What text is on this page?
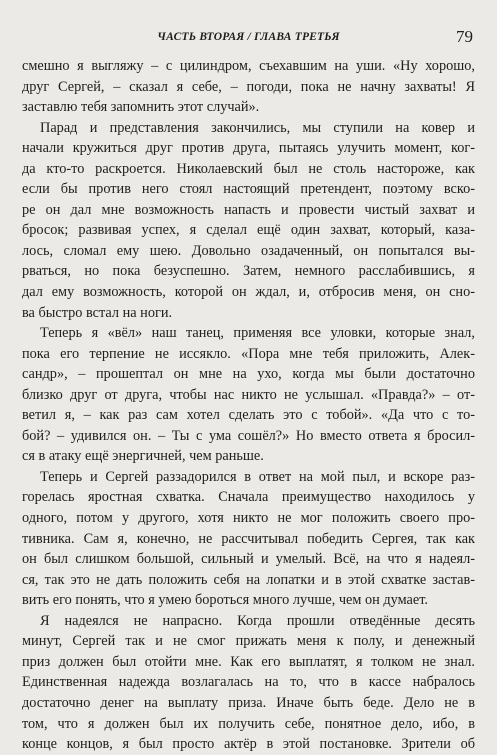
ЧАСТЬ ВТОРАЯ / ГЛАВА ТРЕТЬЯ	79
смешно я выгляжу – с цилиндром, съехавшим на уши. «Ну хорошо,
друг Сергей, – сказал я себе, – погоди, пока не начну захваты! Я
заставлю тебя запомнить этот случай».
Парад и представления закончились, мы ступили на ковер и
начали кружиться друг против друга, пытаясь улучить момент, ког-
да кто-то раскроется. Николаевский был не столь настороже, как
если бы против него стоял настоящий претендент, поэтому вско-
ре он дал мне возможность напасть и провести чистый захват и
бросок; развивая успех, я сделал ещё один захват, который, каза-
лось, сломал ему шею. Довольно озадаченный, он попытался вы-
рваться, но пока безуспешно. Затем, немного расслабившись, я
дал ему возможность, которой он ждал, и, отбросив меня, он сно-
ва быстро встал на ноги.
Теперь я «вёл» наш танец, применяя все уловки, которые знал,
пока его терпение не иссякло. «Пора мне тебя приложить, Алек-
сандр», – прошептал он мне на ухо, когда мы были достаточно
близко друг от друга, чтобы нас никто не услышал. «Правда?» – от-
ветил я, – как раз сам хотел сделать это с тобой». «Да что с то-
бой? – удивился он. – Ты с ума сошёл?» Но вместо ответа я бросил-
ся в атаку ещё энергичней, чем раньше.
Теперь и Сергей раззадорился в ответ на мой пыл, и вскоре раз-
горелась яростная схватка. Сначала преимущество находилось у
одного, потом у другого, хотя никто не мог положить своего про-
тивника. Сам я, конечно, не рассчитывал победить Сергея, так как
он был слишком большой, сильный и умелый. Всё, на что я надеял-
ся, так это не дать положить себя на лопатки и в этой схватке застав-
вить его понять, что я умею бороться много лучше, чем он думает.
Я надеялся не напрасно. Когда прошли отведённые десять
минут, Сергей так и не смог прижать меня к полу, и денежный
приз должен был отойти мне. Как его выплатят, я толком не знал.
Единственная надежда возлагалась на то, что в кассе набралось
достаточно денег на выплату приза. Иначе быть беде. Дело не в
том, что я должен был их получить себе, понятное дело, ибо, в
конце концов, я был просто актёр в этой постановке. Зрители об
